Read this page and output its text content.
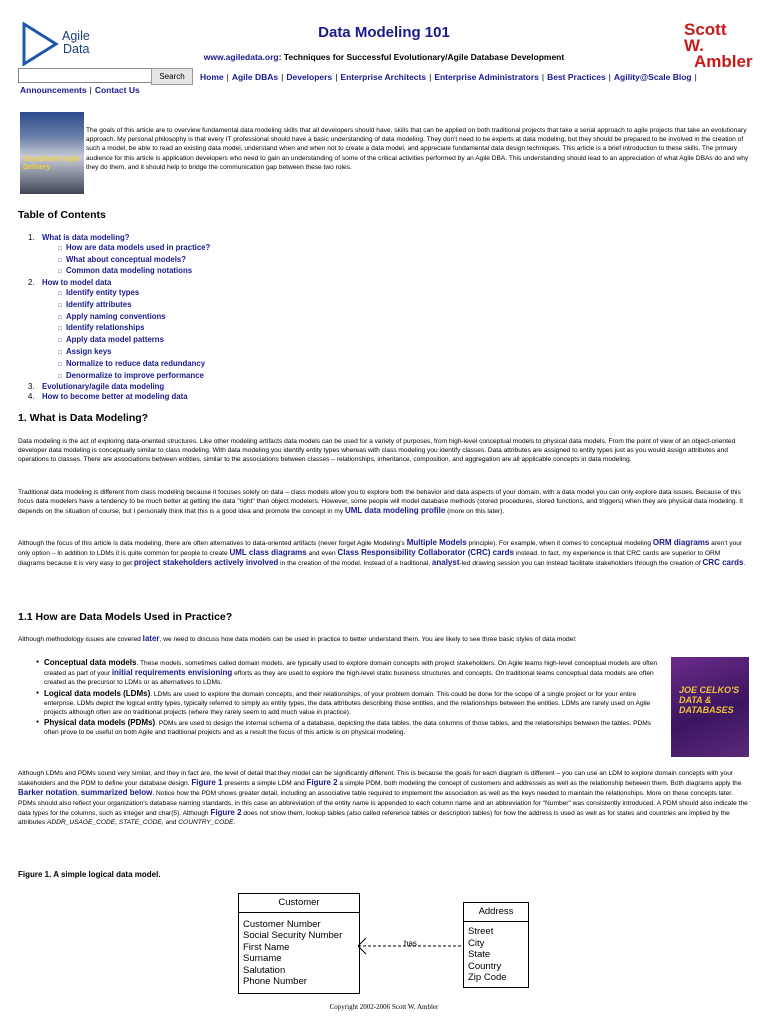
Agile
Data
Data Modeling 101
www.agiledata.org: Techniques for Successful Evolutionary/Agile Database Development
Scott W.
Ambler
Search	Home | Agile DBAs | Developers | Enterprise Architects | Enterprise Administrators | Best Practices | Agility@Scale Blog |
Announcements | Contact Us
Disciplined Agile Delivery
The goals of this article are to overview fundamental data modeling skills that all developers should have, skills that can be applied on both traditional projects that take a serial approach to agile projects that take an evolutionary approach. My personal philosophy is that every IT professional should have a basic understanding of data modeling. They don't need to be experts at data modeling, but they should be prepared to be involved in the creation of such a model, be able to read an existing data model, understand when and when not to create a data model, and appreciate fundamental data design techniques. This article is a brief introduction to these skills. The primary audience for this article is application developers who need to gain an understanding of some of the critical activities performed by an Agile DBA. This understanding should lead to an appreciation of what Agile DBAs do and why they do them, and it should help to bridge the communication gap between these two roles.
Table of Contents
1. What is data modeling?
□ How are data models used in practice?
□ What about conceptual models?
□ Common data modeling notations
2. How to model data
□ Identify entity types
□ Identify attributes
□ Apply naming conventions
□ Identify relationships
□ Apply data model patterns
□ Assign keys
□ Normalize to reduce data redundancy
□ Denormalize to improve performance
3. Evolutionary/agile data modeling
4. How to become better at modeling data
1. What is Data Modeling?
Data modeling is the act of exploring data-oriented structures. Like other modeling artifacts data models can be used for a variety of purposes, from high-level conceptual models to physical data models. From the point of view of an object-oriented developer data modeling is conceptually similar to class modeling. With data modeling you identify entity types whereas with class modeling you identify classes. Data attributes are assigned to entity types just as you would assign attributes and operations to classes. There are associations between entities, similar to the associations between classes – relationships, inheritance, composition, and aggregation are all applicable concepts in data modeling.
Traditional data modeling is different from class modeling because it focuses solely on data – class models allow you to explore both the behavior and data aspects of your domain, with a data model you can only explore data issues. Because of this focus data modelers have a tendency to be much better at getting the data "right" than object modelers. However, some people will model database methods (stored procedures, stored functions, and triggers) when they are physical data modeling. It depends on the situation of course, but I personally think that this is a good idea and promote the concept in my UML data modeling profile (more on this later).
Although the focus of this article is data modeling, there are often alternatives to data-oriented artifacts (never forget Agile Modeling's Multiple Models principle). For example, when it comes to conceptual modeling ORM diagrams aren't your only option – In addition to LDMs it is quite common for people to create UML class diagrams and even Class Responsibility Collaborator (CRC) cards instead. In fact, my experience is that CRC cards are superior to ORM diagrams because it is very easy to get project stakeholders actively involved in the creation of the model. Instead of a traditional, analyst-led drawing session you can instead facilitate stakeholders through the creation of CRC cards.
1.1 How are Data Models Used in Practice?
Although methodology issues are covered later, we need to discuss how data models can be used in practice to better understand them. You are likely to see three basic styles of data model:
● Conceptual data models. These models, sometimes called domain models, are typically used to explore domain concepts with project stakeholders. On Agile teams high-level conceptual models are often created as part of your initial requirements envisioning efforts as they are used to explore the high-level static business structures and concepts. On traditional teams conceptual data models are often created as the precursor to LDMs or as alternatives to LDMs.
● Logical data models (LDMs). LDMs are used to explore the domain concepts, and their relationships, of your problem domain. This could be done for the scope of a single project or for your entire enterprise. LDMs depict the logical entity types, typically referred to simply as entity types, the data attributes describing those entities, and the relationships between the entities. LDMs are rarely used on Agile projects although often are on traditional projects (where they rarely seem to add much value in practice).
● Physical data models (PDMs). PDMs are used to design the internal schema of a database, depicting the data tables, the data columns of those tables, and the relationships between the tables. PDMs often prove to be useful on both Agile and traditional projects and as a result the focus of this article is on physical modeling.
JOE CELKO'S DATA & DATABASES
Although LDMs and PDMs sound very similar, and they in fact are, the level of detail that they model can be significantly different. This is because the goals for each diagram is different – you can use an LDM to explore domain concepts with your stakeholders and the PDM to define your database design. Figure 1 presents a simple LDM and Figure 2 a simple PDM, both modeling the concept of customers and addresses as well as the relationship between them. Both diagrams apply the Barker notation, summarized below. Notice how the PDM shows greater detail, including an associative table required to implement the association as well as the keys needed to maintain the relationships. More on these concepts later. PDMs should also reflect your organization's database naming standards, in this case an abbreviation of the entity name is appended to each column name and an abbreviation for "Number" was consistently introduced. A PDM should also indicate the data types for the columns, such as integer and char(5). Although Figure 2 does not show them, lookup tables (also called reference tables or description tables) for how the address is used as well as for states and countries are implied by the attributes ADDR_USAGE_CODE, STATE_CODE, and COUNTRY_CODE.
Figure 1. A simple logical data model.
Customer
Customer Number
Social Security Number
First Name
Surname
Salutation
Phone Number
has
Address
Street
City
State
Country
Zip Code
Copyright 2002-2006 Scott W. Ambler
